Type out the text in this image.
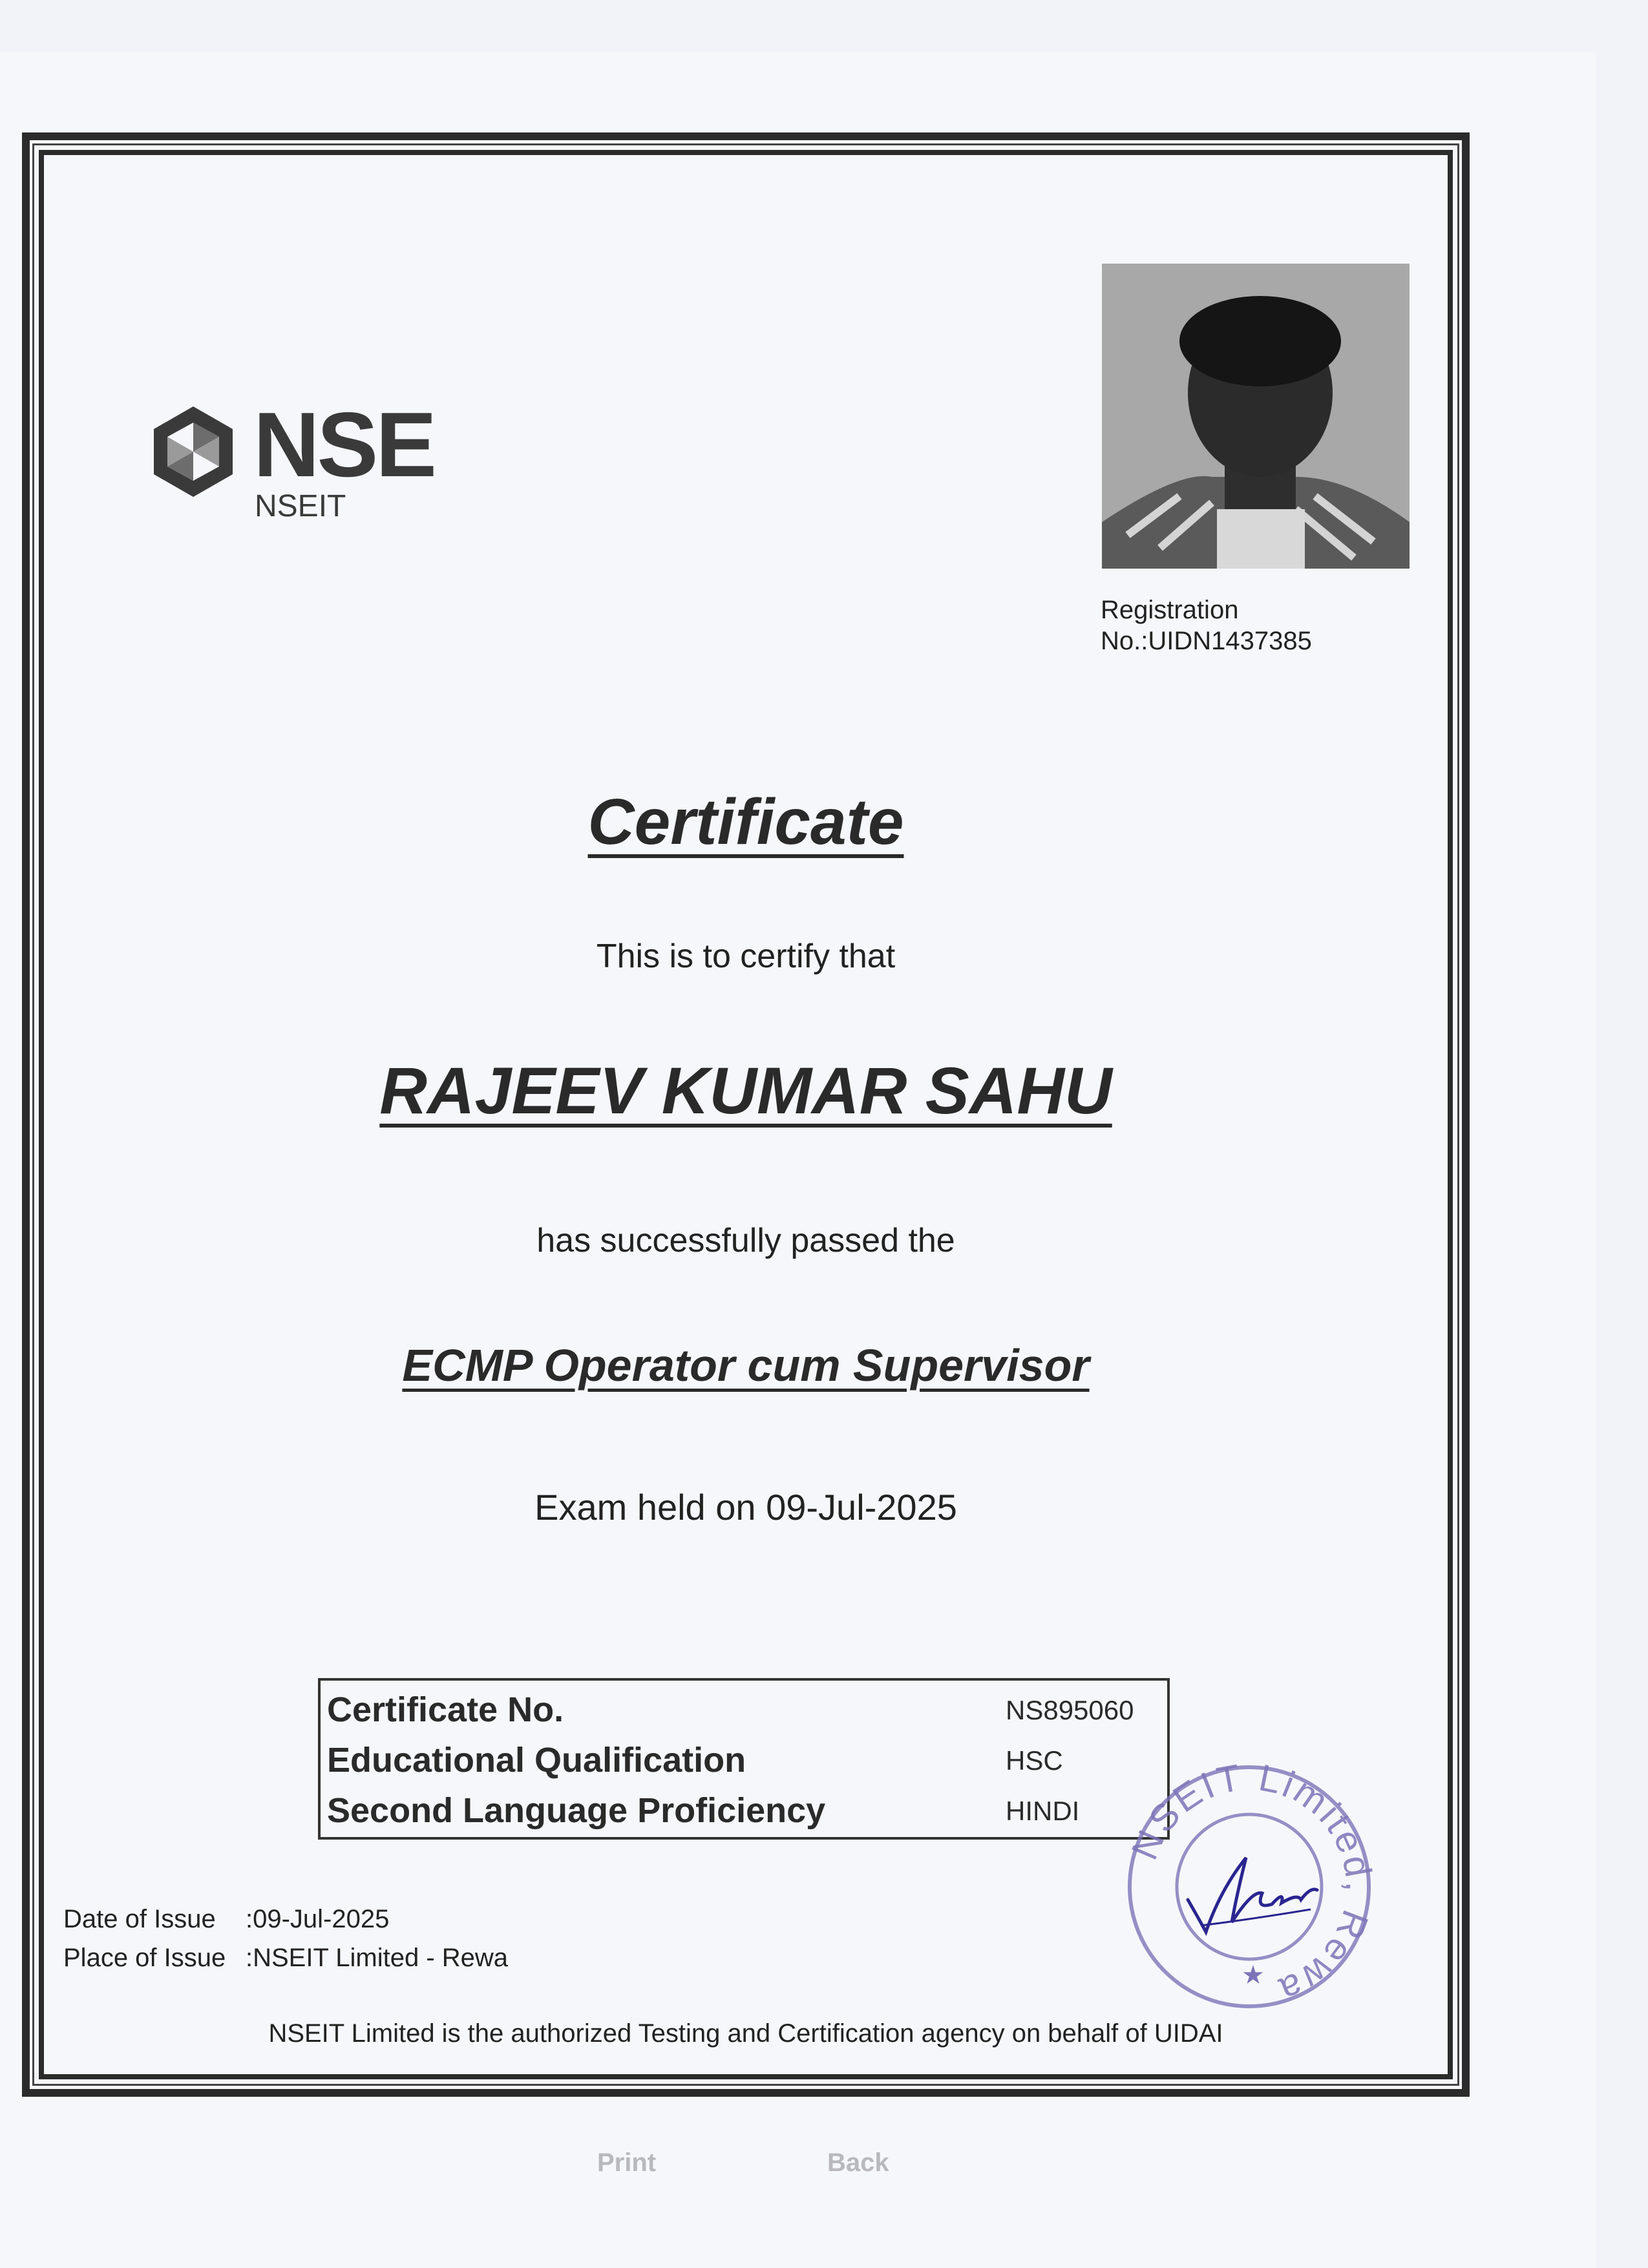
NSE
NSEIT
Registration
No.:UIDN1437385
Certificate
This is to certify that
RAJEEV KUMAR SAHU
has successfully passed the
ECMP Operator cum Supervisor
Exam held on 09-Jul-2025
Certificate No.	NS895060
Educational Qualification	HSC
Second Language Proficiency	HINDI
Date of Issue :09-Jul-2025
Place of Issue :NSEIT Limited - Rewa
NSEIT Limited Rewa
★
NSEIT Limited is the authorized Testing and Certification agency on behalf of UIDAI
Print	Back
